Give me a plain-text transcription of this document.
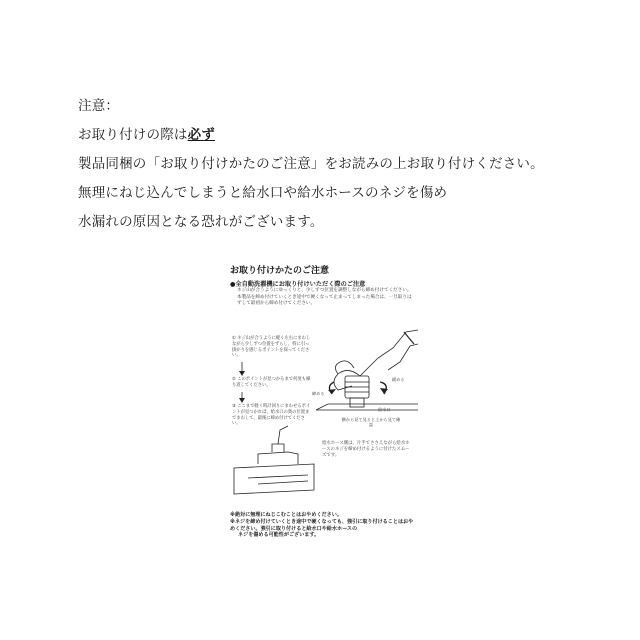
注意：
お取り付けの際は必ず
製品同梱の「お取り付けかたのご注意」をお読みの上お取り付けください。
無理にねじ込んでしまうと給水口や給水ホースのネジを傷め
水漏れの原因となる恐れがございます。
お取り付けかたのご注意
●全自動洗濯機にお取り付けいただく際のご注意
ネジ山が合うようにゆっくりと、少しずつ位置を調整しながら締め付けてください。本製品を締め付けていくとき途中で硬くなって止まってしまった場合は、一旦取りはずして最初から締め付けてください。
① ネジ山が合うように軽く左右にまわしながら少しずつ位置をずらし、特に引っ掛かりを感じるポイントを探ってください。
② このポイントが見つかるまで何度も繰り返してください。
③ ここまで軽く時計回りにまわせるポイントが見つかれば、給水口の奥の位置までまわして、最後に締め付けてください。
締める
緩める
給水口
横から見て見ると上から見て確認
給水ホース側は、片手でささえながら給水ホースのネジを締め付けるように付けたスムーズです。
※絶対に無理にねじこむことはおやめください。
※ネジを締め付けていくとき途中で硬くなっても、強引に取り付けることはおやめください。強引に取り付けると給水口や給水ホースの
ネジを傷める可能性がございます。
